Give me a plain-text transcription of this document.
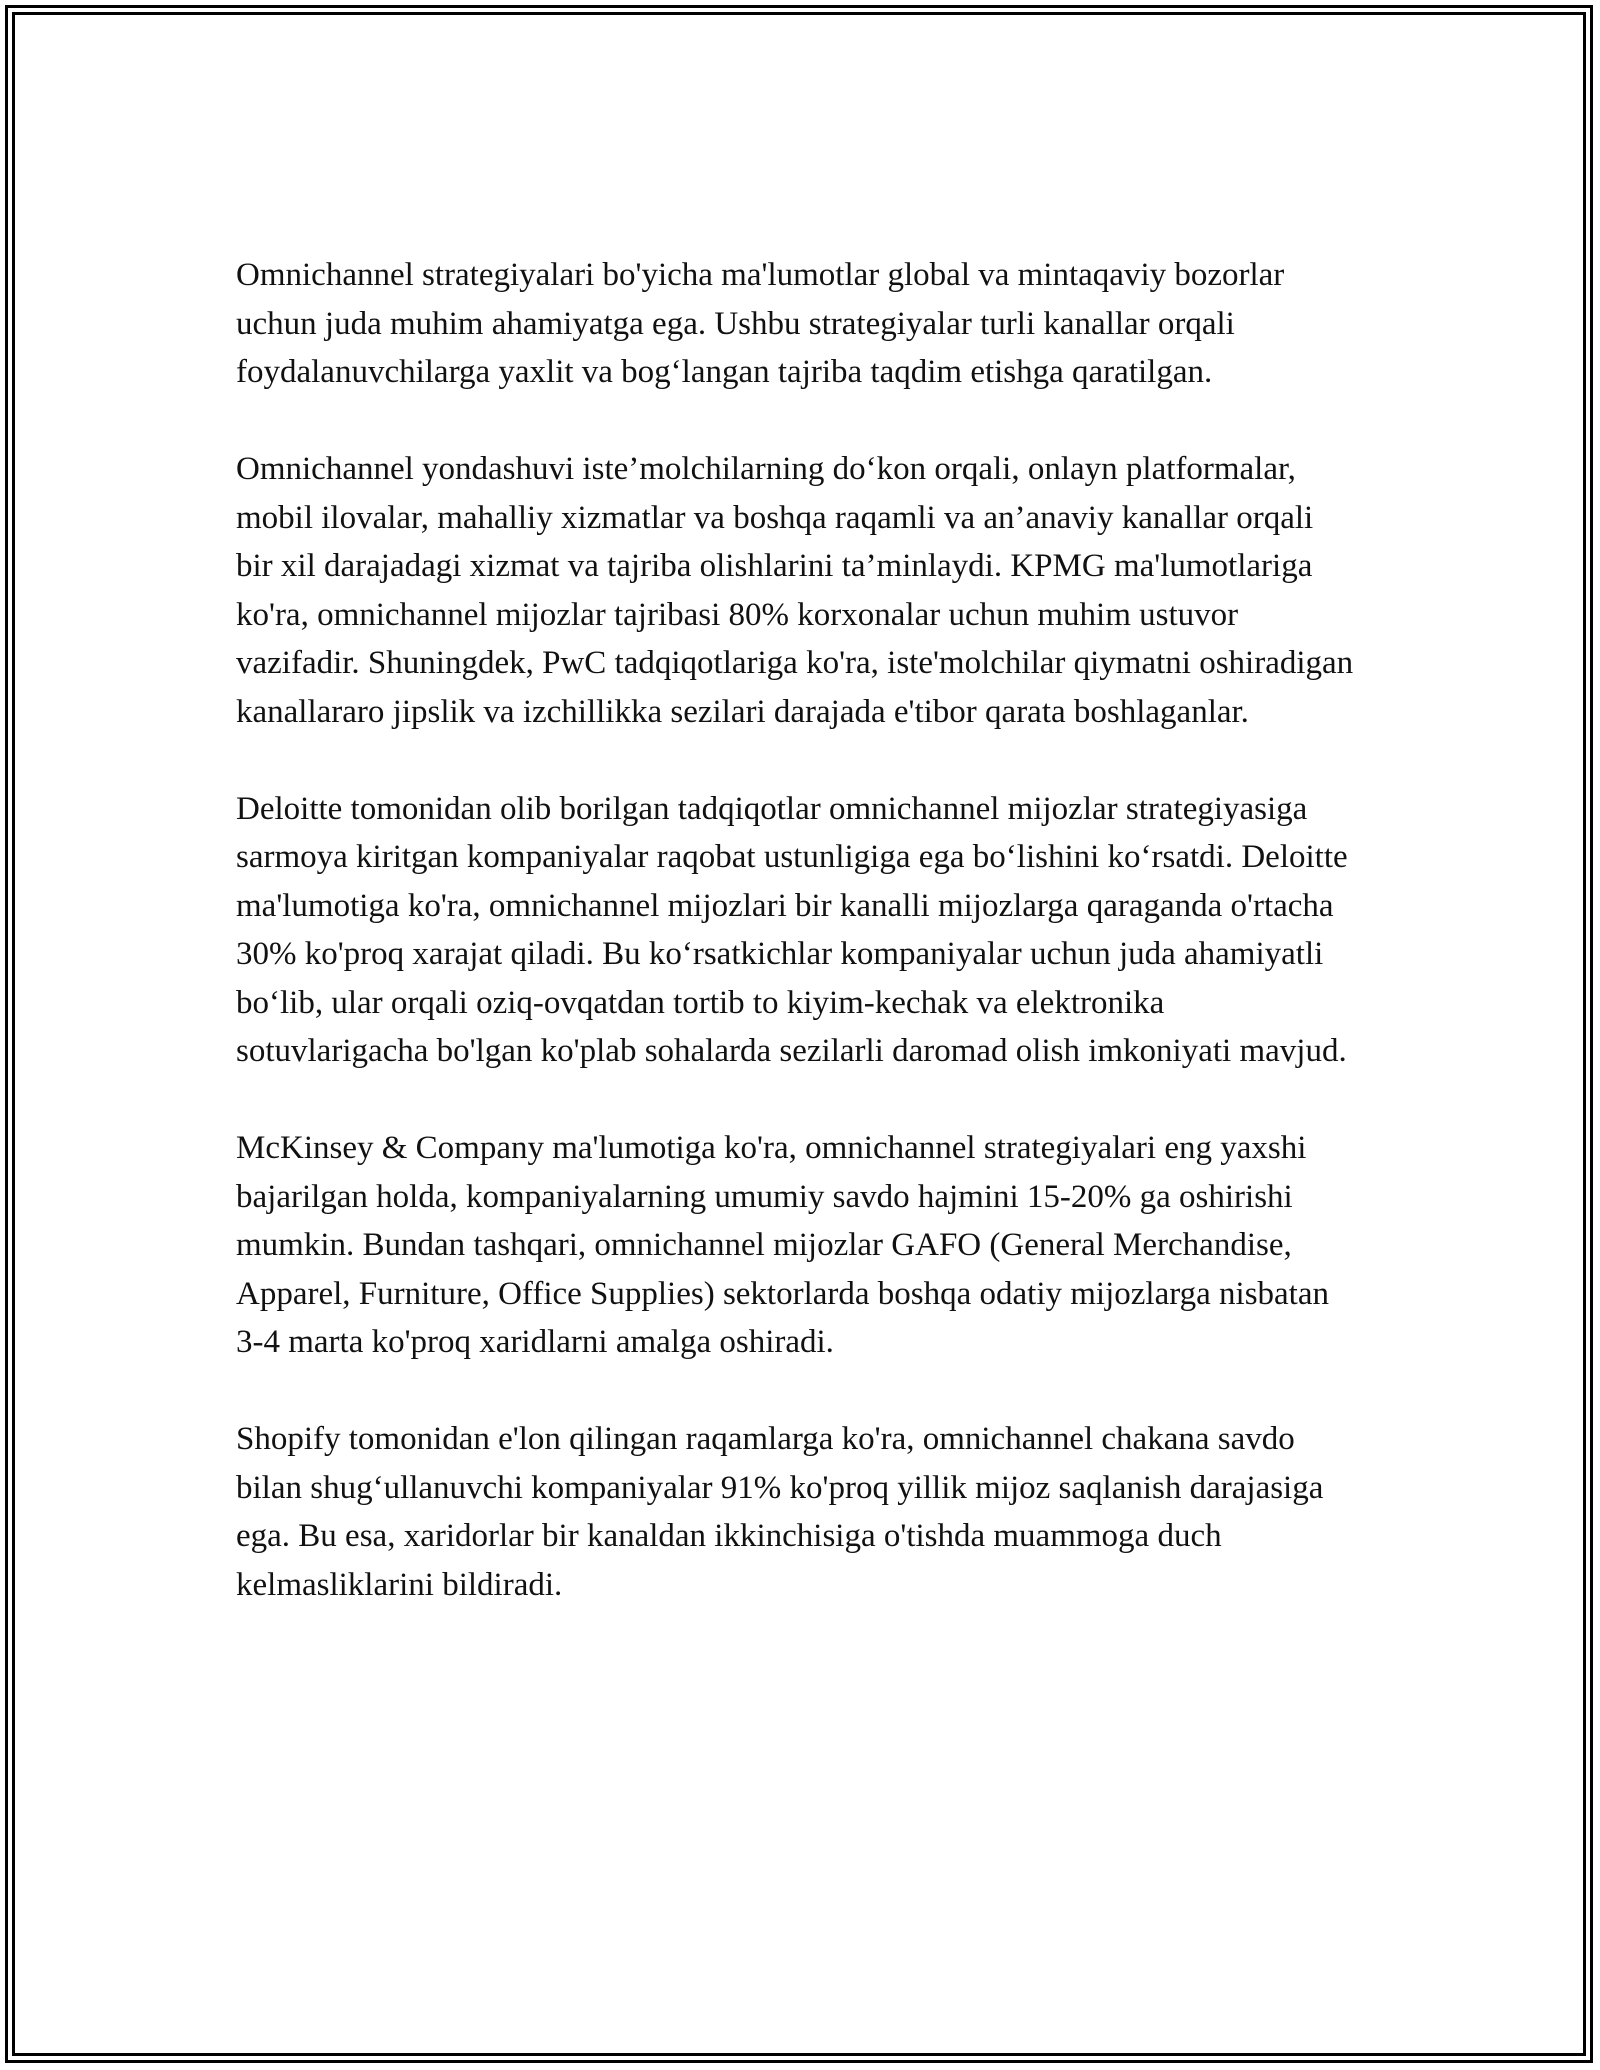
Omnichannel strategiyalari bo'yicha ma'lumotlar global va mintaqaviy bozorlar uchun juda muhim ahamiyatga ega. Ushbu strategiyalar turli kanallar orqali foydalanuvchilarga yaxlit va bog‘langan tajriba taqdim etishga qaratilgan.

Omnichannel yondashuvi iste’molchilarning do‘kon orqali, onlayn platformalar, mobil ilovalar, mahalliy xizmatlar va boshqa raqamli va an’anaviy kanallar orqali bir xil darajadagi xizmat va tajriba olishlarini ta’minlaydi. KPMG ma'lumotlariga ko'ra, omnichannel mijozlar tajribasi 80% korxonalar uchun muhim ustuvor vazifadir. Shuningdek, PwC tadqiqotlariga ko'ra, iste'molchilar qiymatni oshiradigan kanallararo jipslik va izchillikka sezilari darajada e'tibor qarata boshlaganlar.

Deloitte tomonidan olib borilgan tadqiqotlar omnichannel mijozlar strategiyasiga sarmoya kiritgan kompaniyalar raqobat ustunligiga ega bo‘lishini ko‘rsatdi. Deloitte ma'lumotiga ko'ra, omnichannel mijozlari bir kanalli mijozlarga qaraganda o'rtacha 30% ko'proq xarajat qiladi. Bu ko‘rsatkichlar kompaniyalar uchun juda ahamiyatli bo‘lib, ular orqali oziq-ovqatdan tortib to kiyim-kechak va elektronika sotuvlarigacha bo'lgan ko'plab sohalarda sezilarli daromad olish imkoniyati mavjud.

McKinsey & Company ma'lumotiga ko'ra, omnichannel strategiyalari eng yaxshi bajarilgan holda, kompaniyalarning umumiy savdo hajmini 15-20% ga oshirishi mumkin. Bundan tashqari, omnichannel mijozlar GAFO (General Merchandise, Apparel, Furniture, Office Supplies) sektorlarda boshqa odatiy mijozlarga nisbatan 3-4 marta ko'proq xaridlarni amalga oshiradi.

Shopify tomonidan e'lon qilingan raqamlarga ko'ra, omnichannel chakana savdo bilan shug‘ullanuvchi kompaniyalar 91% ko'proq yillik mijoz saqlanish darajasiga ega. Bu esa, xaridorlar bir kanaldan ikkinchisiga o'tishda muammoga duch kelmasliklarini bildiradi.
